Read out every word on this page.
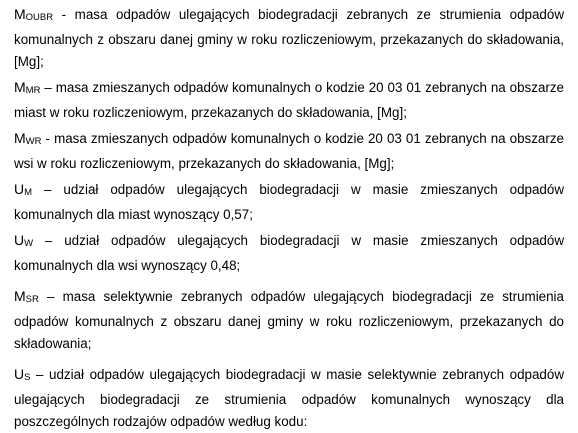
MOUBR - masa odpadów ulegających biodegradacji zebranych ze strumienia odpadów komunalnych z obszaru danej gminy w roku rozliczeniowym, przekazanych do składowania, [Mg];

MMR – masa zmieszanych odpadów komunalnych o kodzie 20 03 01 zebranych na obszarze miast w roku rozliczeniowym, przekazanych do składowania, [Mg];

MWR - masa zmieszanych odpadów komunalnych o kodzie 20 03 01 zebranych na obszarze wsi w roku rozliczeniowym, przekazanych do składowania, [Mg];

UM – udział odpadów ulegających biodegradacji w masie zmieszanych odpadów komunalnych dla miast wynoszący 0,57;

UW – udział odpadów ulegających biodegradacji w masie zmieszanych odpadów komunalnych dla wsi wynoszący 0,48;

MSR – masa selektywnie zebranych odpadów ulegających biodegradacji ze strumienia odpadów komunalnych z obszaru danej gminy w roku rozliczeniowym, przekazanych do składowania;

US – udział odpadów ulegających biodegradacji w masie selektywnie zebranych odpadów ulegających biodegradacji ze strumienia odpadów komunalnych wynoszący dla poszczególnych rodzajów odpadów według kodu:
